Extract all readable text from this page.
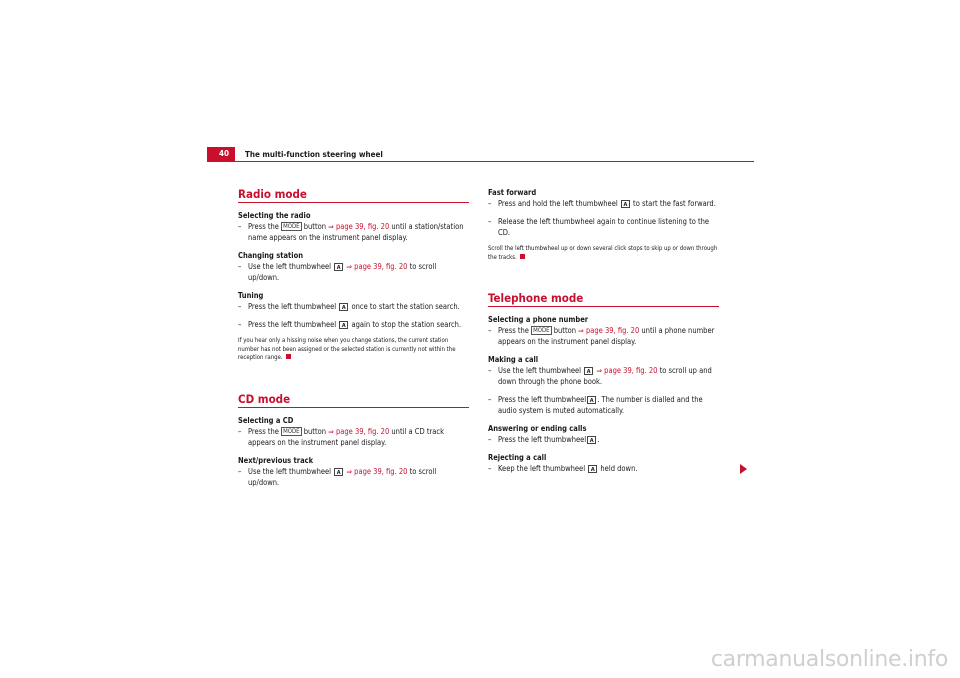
40	The multi-function steering wheel
Radio mode

Selecting the radio

– Press the MODE button ⇒ page 39, fig. 20 until a station/station name appears on the instrument panel display.

Changing station

– Use the left thumbwheel A ⇒ page 39, fig. 20 to scroll up/down.

Tuning

– Press the left thumbwheel A once to start the station search.

– Press the left thumbwheel A again to stop the station search.

If you hear only a hissing noise when you change stations, the current station number has not been assigned or the selected station is currently not within the reception range.

CD mode

Selecting a CD

– Press the MODE button ⇒ page 39, fig. 20 until a CD track appears on the instrument panel display.

Next/previous track

– Use the left thumbwheel A ⇒ page 39, fig. 20 to scroll up/down.

Fast forward

– Press and hold the left thumbwheel A to start the fast forward.

– Release the left thumbwheel again to continue listening to the CD.

Scroll the left thumbwheel up or down several click stops to skip up or down through the tracks.

Telephone mode

Selecting a phone number

– Press the MODE button ⇒ page 39, fig. 20 until a phone number appears on the instrument panel display.

Making a call

– Use the left thumbwheel A ⇒ page 39, fig. 20 to scroll up and down through the phone book.

– Press the left thumbwheel A . The number is dialled and the audio system is muted automatically.

Answering or ending calls

– Press the left thumbwheel A .

Rejecting a call

– Keep the left thumbwheel A held down.

carmanualsonline.info
